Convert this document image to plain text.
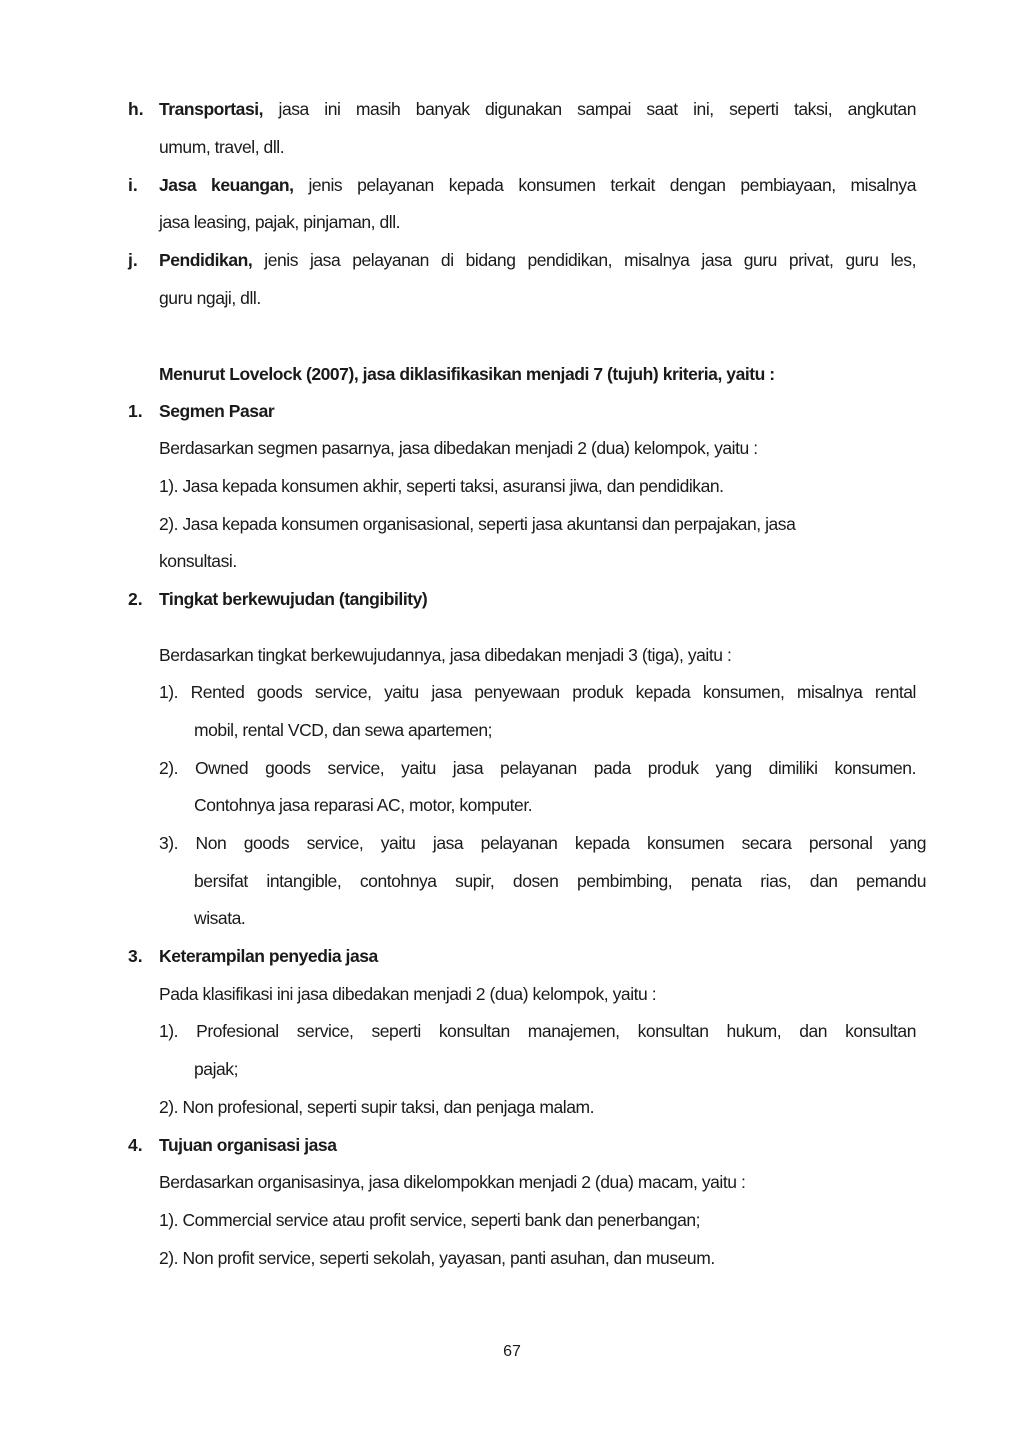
h. Transportasi, jasa ini masih banyak digunakan sampai saat ini, seperti taksi, angkutan
umum, travel, dll.
i. Jasa keuangan, jenis pelayanan kepada konsumen terkait dengan pembiayaan, misalnya
jasa leasing, pajak, pinjaman, dll.
j. Pendidikan, jenis jasa pelayanan di bidang pendidikan, misalnya jasa guru privat, guru les,
guru ngaji, dll.
Menurut Lovelock (2007), jasa diklasifikasikan menjadi 7 (tujuh) kriteria, yaitu :
1. Segmen Pasar
Berdasarkan segmen pasarnya, jasa dibedakan menjadi 2 (dua) kelompok, yaitu :
1). Jasa kepada konsumen akhir, seperti taksi, asuransi jiwa, dan pendidikan.
2). Jasa kepada konsumen organisasional, seperti jasa akuntansi dan perpajakan, jasa
konsultasi.
2. Tingkat berkewujudan (tangibility)
Berdasarkan tingkat berkewujudannya, jasa dibedakan menjadi 3 (tiga), yaitu :
1). Rented goods service, yaitu jasa penyewaan produk kepada konsumen, misalnya rental
mobil, rental VCD, dan sewa apartemen;
2). Owned goods service, yaitu jasa pelayanan pada produk yang dimiliki konsumen.
Contohnya jasa reparasi AC, motor, komputer.
3). Non goods service, yaitu jasa pelayanan kepada konsumen secara personal yang
bersifat intangible, contohnya supir, dosen pembimbing, penata rias, dan pemandu
wisata.
3. Keterampilan penyedia jasa
Pada klasifikasi ini jasa dibedakan menjadi 2 (dua) kelompok, yaitu :
1). Profesional service, seperti konsultan manajemen, konsultan hukum, dan konsultan
pajak;
2). Non profesional, seperti supir taksi, dan penjaga malam.
4. Tujuan organisasi jasa
Berdasarkan organisasinya, jasa dikelompokkan menjadi 2 (dua) macam, yaitu :
1). Commercial service atau profit service, seperti bank dan penerbangan;
2). Non profit service, seperti sekolah, yayasan, panti asuhan, dan museum.
67
